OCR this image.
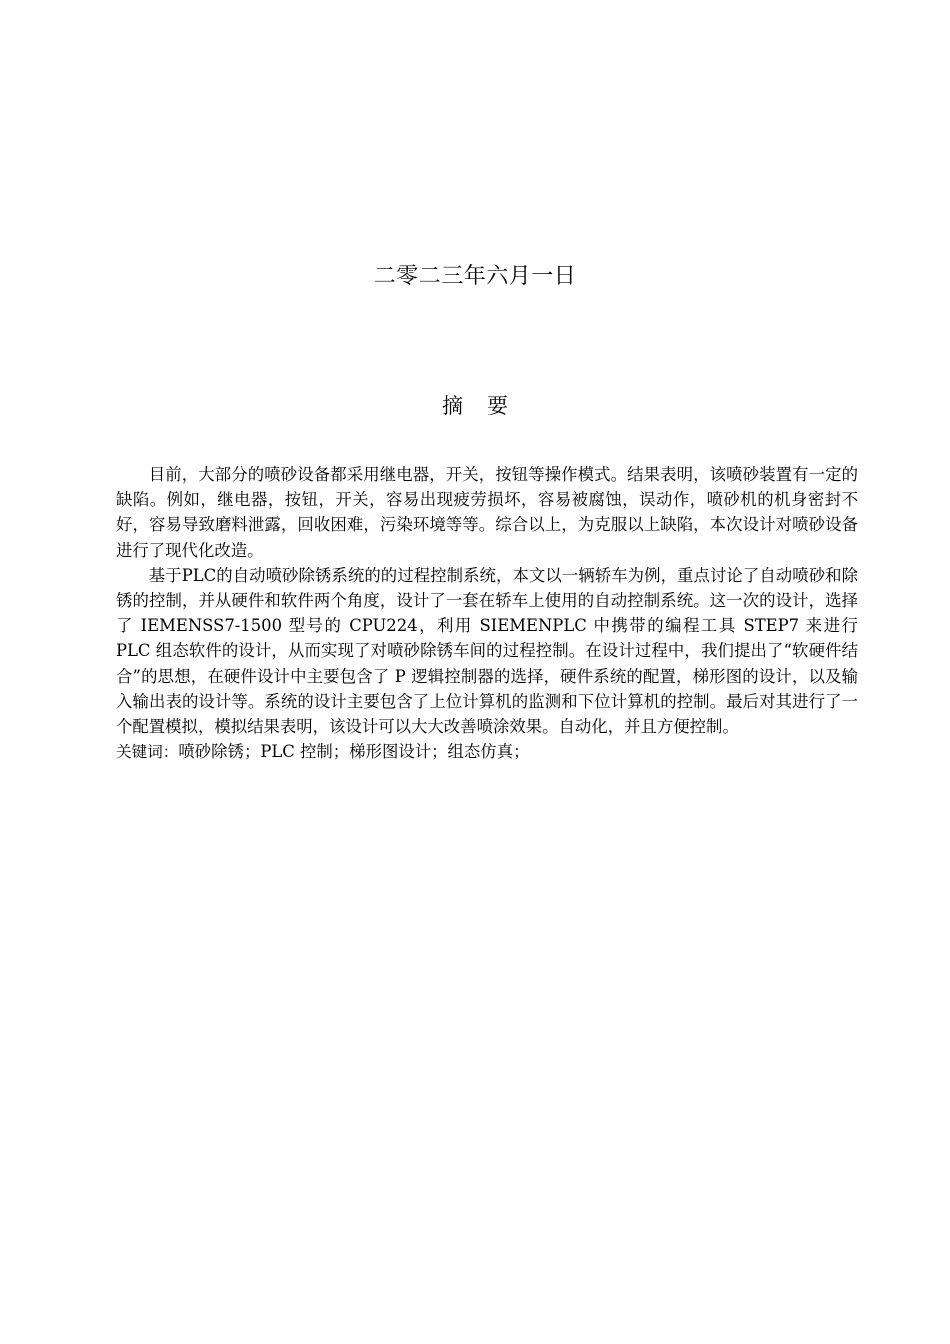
二零二三年六月一日
摘 要

目前，大部分的喷砂设备都采用继电器，开关，按钮等操作模式。结果表明，该喷砂装置有一定的缺陷。例如，继电器，按钮，开关，容易出现疲劳损坏，容易被腐蚀，误动作，喷砂机的机身密封不好，容易导致磨料泄露，回收困难，污染环境等等。综合以上，为克服以上缺陷，本次设计对喷砂设备进行了现代化改造。

基于PLC的自动喷砂除锈系统的的过程控制系统，本文以一辆轿车为例，重点讨论了自动喷砂和除锈的控制，并从硬件和软件两个角度，设计了一套在轿车上使用的自动控制系统。这一次的设计，选择了 IEMENSS7-1500 型号的 CPU224，利用 SIEMENPLC 中携带的编程工具 STEP7 来进行 PLC 组态软件的设计，从而实现了对喷砂除锈车间的过程控制。在设计过程中，我们提出了“软硬件结合”的思想，在硬件设计中主要包含了 P 逻辑控制器的选择，硬件系统的配置，梯形图的设计，以及输入输出表的设计等。系统的设计主要包含了上位计算机的监测和下位计算机的控制。最后对其进行了一个配置模拟，模拟结果表明，该设计可以大大改善喷涂效果。自动化，并且方便控制。

关键词：喷砂除锈；PLC 控制；梯形图设计；组态仿真；
